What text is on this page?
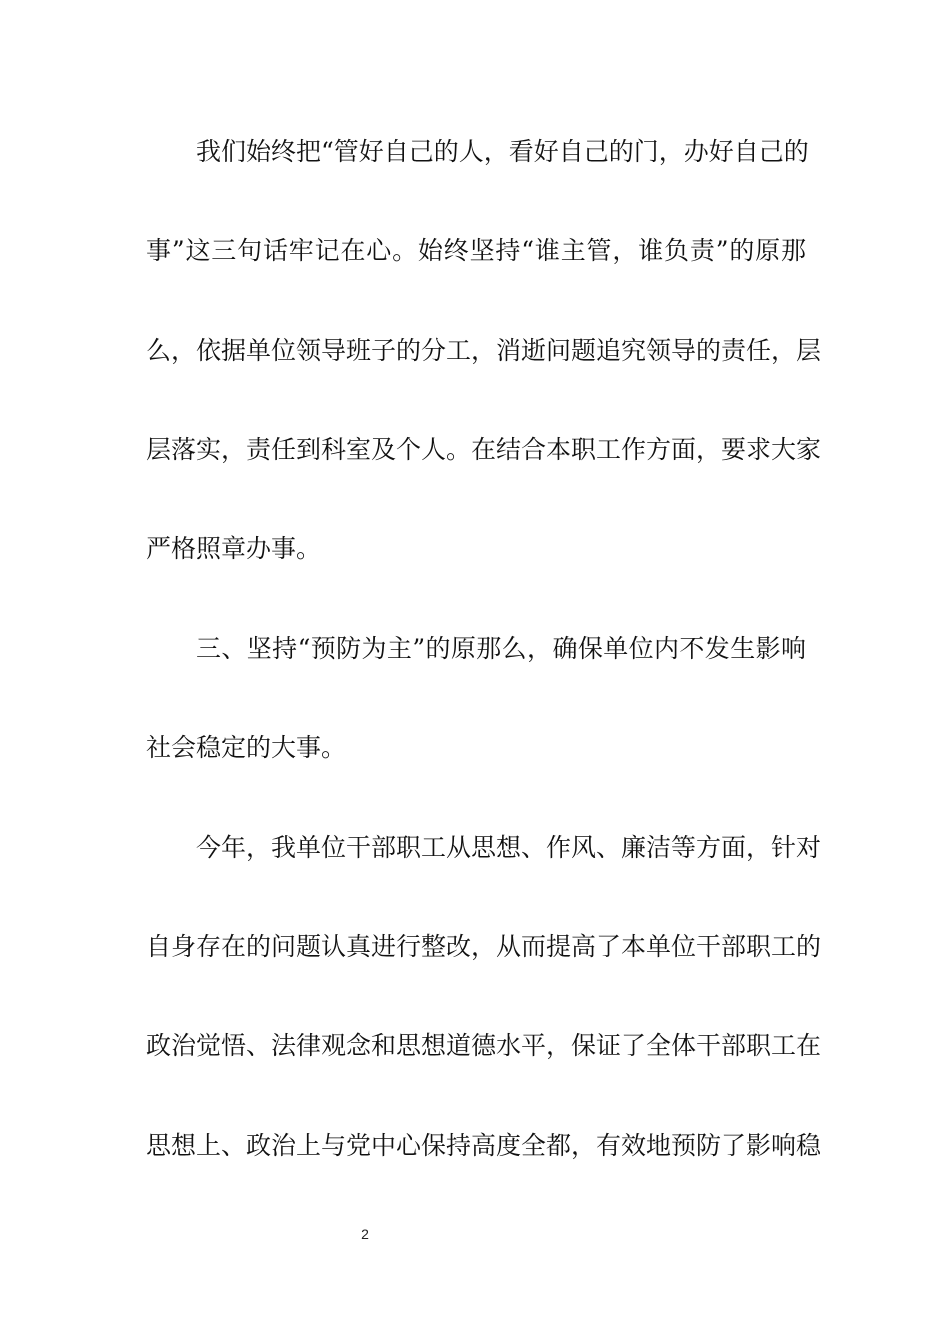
我们始终把“管好自己的人，看好自己的门，办好自己的

事”这三句话牢记在心。始终坚持“谁主管，谁负责”的原那

么，依据单位领导班子的分工，消逝问题追究领导的责任，层

层落实，责任到科室及个人。在结合本职工作方面，要求大家

严格照章办事。

三、坚持“预防为主”的原那么，确保单位内不发生影响

社会稳定的大事。

今年，我单位干部职工从思想、作风、廉洁等方面，针对

自身存在的问题认真进行整改，从而提高了本单位干部职工的

政治觉悟、法律观念和思想道德水平，保证了全体干部职工在

思想上、政治上与党中心保持高度全都，有效地预防了影响稳

2
